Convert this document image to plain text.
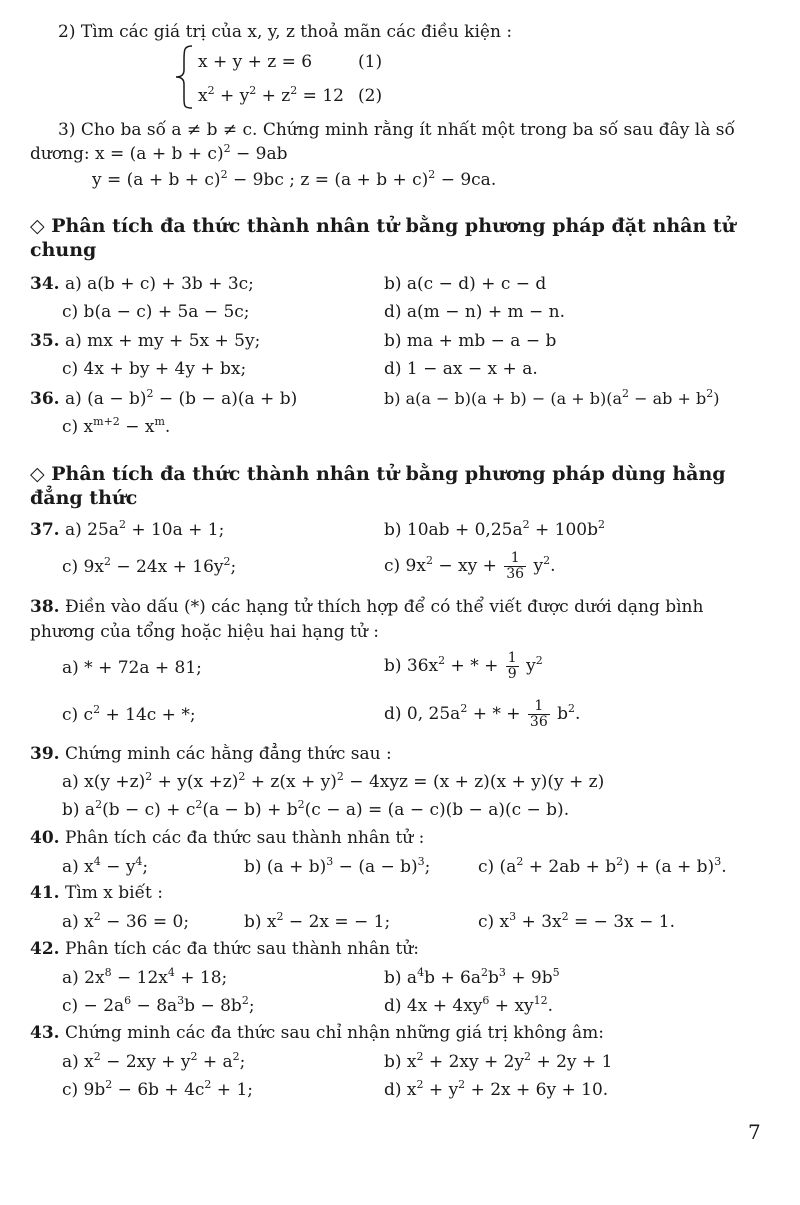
2) Tìm các giá trị của x, y, z thoả mãn các điều kiện :
x + y + z = 6	(1)
$x^2 + y^2 + z^2 = 12$ (2)
3) Cho ba số a ≠ b ≠ c. Chứng minh rằng ít nhất một trong ba số sau đây là số
dương: $x = (a + b + c)^2 - 9ab$
$y = (a + b + c)^2 - 9bc$ ; $z = (a + b + c)^2 - 9ca$.
◇ Phân tích đa thức thành nhân tử bằng phương pháp đặt nhân tử chung
34. a) a(b + c) + 3b + 3c;	b) a(c − d) + c − d
c) b(a − c) + 5a − 5c;	d) a(m − n) + m − n.
35. a) mx + my + 5x + 5y;	b) ma + mb − a − b
c) 4x + by + 4y + bx;	d) 1 − ax − x + a.
36. a) $(a - b)^2 - (b - a)(a + b)$	b) $a(a - b)(a + b) - (a + b)(a^2$ − ab + $b^2$)
c) $x^{m+2} - x^m$.
◇ Phân tích đa thức thành nhân tử bằng phương pháp dùng hằng đẳng thức
37. a) $25a^2 + 10a + 1$;	b) $10ab + 0,25a^2 + 100b^2$
c) $9x^2 - 24x + 16y^2$;	c) $9x^2$ − xy + $\frac{1}{36} y^2$.
38. Điền vào dấu (*) các hạng tử thích hợp để có thể viết được dưới dạng bình
phương của tổng hoặc hiệu hai hạng tử :
a) * + 72a + 81;	b) $36x^2$ + * + $\frac{1}{9} y^2$
c) $c^2 + 14c$ + *;	d) 0, $25a^2$ + * + $\frac{1}{36} b^2$.
39. Chứng minh các hằng đẳng thức sau :
a) $x(y +z)^2 + y(x +z)^2 + z(x + y)^2 - 4xyz = (x + z)(x + y)(y + z)$
b) $a^2(b - c) + c^2(a - b) + b^2(c - a) = (a - c)(b - a)(c - b)$.
40. Phân tích các đa thức sau thành nhân tử :
a) $x^4 - y^4$;	b) $(a + b)^3 - (a - b)^3$;	c) $(a^2 + 2ab + b^2) + (a + b)^3$.
41. Tìm x biết :
a) $x^2 - 36 = 0$;	b) $x^2 - 2x$ = − 1;	c) $x^3 + 3x^2$ = − 3x − 1.
42. Phân tích các đa thức sau thành nhân tử:
a) $2x^8 - 12x^4 + 18$;	b) $a^4b + 6a^2b^3 + 9b^5$
$c) - 2a^6 - 8a^3b - 8b^2$;	d) $4x + 4xy^6 + xy^{12}$.
43. Chứng minh các đa thức sau chỉ nhận những giá trị không âm:
a) $x^2 - 2xy + y^2 + a^2$;	b) $x^2 + 2xy + 2y^2 + 2y + 1$
c) $9b^2 - 6b + 4c^2 + 1$;	d) $x^2 + y^2 + 2x + 6y + 10$.
7
